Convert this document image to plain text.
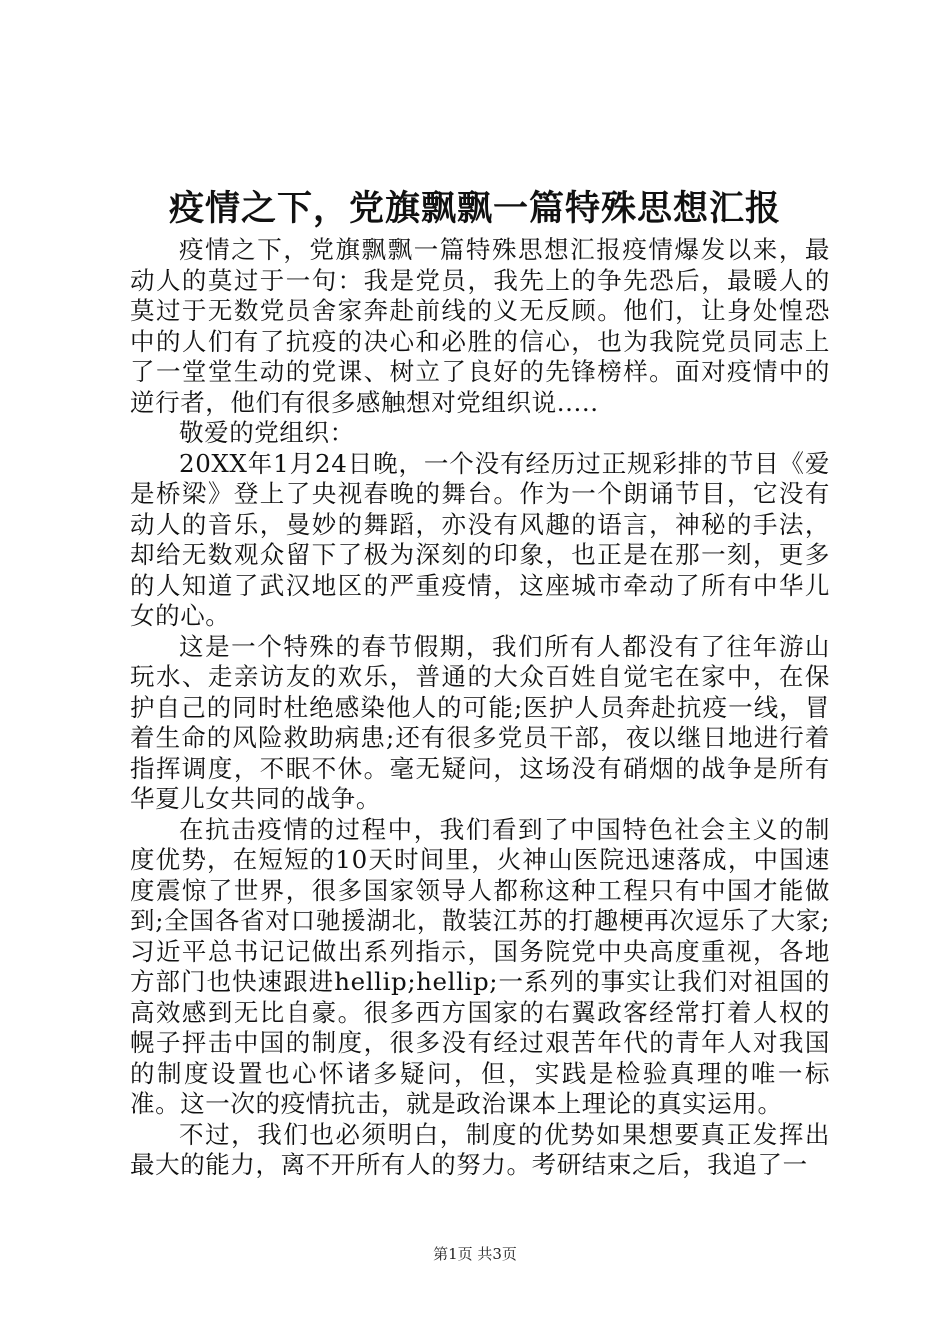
疫情之下，党旗飘飘一篇特殊思想汇报

疫情之下，党旗飘飘一篇特殊思想汇报疫情爆发以来，最动人的莫过于一句：我是党员，我先上的争先恐后，最暖人的莫过于无数党员舍家奔赴前线的义无反顾。他们，让身处惶恐中的人们有了抗疫的决心和必胜的信心，也为我院党员同志上了一堂堂生动的党课、树立了良好的先锋榜样。面对疫情中的逆行者，他们有很多感触想对党组织说.....

敬爱的党组织：

20XX年1月24日晚，一个没有经历过正规彩排的节目《爱是桥梁》登上了央视春晚的舞台。作为一个朗诵节目，它没有动人的音乐，曼妙的舞蹈，亦没有风趣的语言，神秘的手法，却给无数观众留下了极为深刻的印象，也正是在那一刻，更多的人知道了武汉地区的严重疫情，这座城市牵动了所有中华儿女的心。

这是一个特殊的春节假期，我们所有人都没有了往年游山玩水、走亲访友的欢乐，普通的大众百姓自觉宅在家中，在保护自己的同时杜绝感染他人的可能;医护人员奔赴抗疫一线，冒着生命的风险救助病患;还有很多党员干部，夜以继日地进行着指挥调度，不眠不休。毫无疑问，这场没有硝烟的战争是所有华夏儿女共同的战争。

在抗击疫情的过程中，我们看到了中国特色社会主义的制度优势，在短短的10天时间里，火神山医院迅速落成，中国速度震惊了世界，很多国家领导人都称这种工程只有中国才能做到;全国各省对口驰援湖北，散装江苏的打趣梗再次逗乐了大家;习近平总书记记做出系列指示，国务院党中央高度重视，各地方部门也快速跟进hellip;hellip;一系列的事实让我们对祖国的高效感到无比自豪。很多西方国家的右翼政客经常打着人权的幌子抨击中国的制度，很多没有经过艰苦年代的青年人对我国的制度设置也心怀诸多疑问，但，实践是检验真理的唯一标准。这一次的疫情抗击，就是政治课本上理论的真实运用。

不过，我们也必须明白，制度的优势如果想要真正发挥出最大的能力，离不开所有人的努力。考研结束之后，我追了一

第1页 共3页
